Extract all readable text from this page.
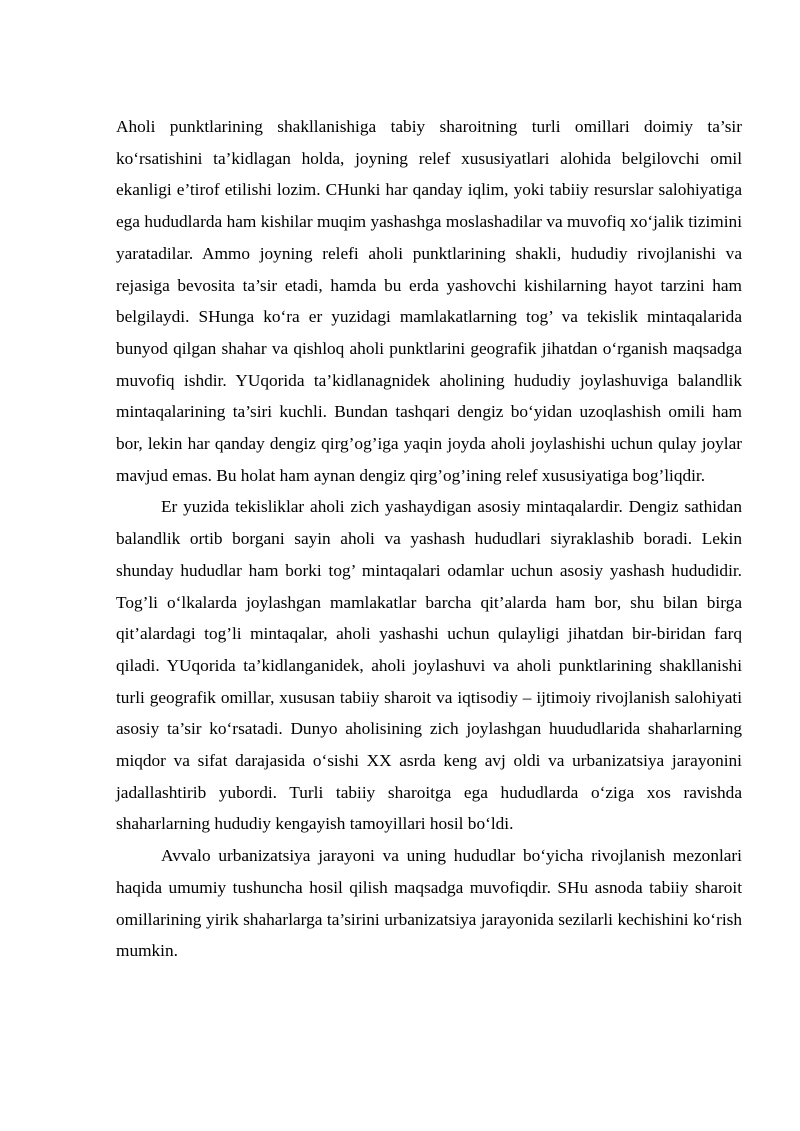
Aholi punktlarining shakllanishiga tabiy sharoitning turli omillari doimiy ta’sir ko‘rsatishini ta’kidlagan holda, joyning relef xususiyatlari alohida belgilovchi omil ekanligi e’tirof etilishi lozim. CHunki har qanday iqlim, yoki tabiiy resurslar salohiyatiga ega hududlarda ham kishilar muqim yashashga moslashadilar va muvofiq xo‘jalik tizimini yaratadilar. Ammo joyning relefi aholi punktlarining shakli, hududiy rivojlanishi va rejasiga bevosita ta’sir etadi, hamda bu erda yashovchi kishilarning hayot tarzini ham belgilaydi. SHunga ko‘ra er yuzidagi mamlakatlarning tog’ va tekislik mintaqalarida bunyod qilgan shahar va qishloq aholi punktlarini geografik jihatdan o‘rganish maqsadga muvofiq ishdir. YUqorida ta’kidlanagnidek aholining hududiy joylashuviga balandlik mintaqalarining ta’siri kuchli. Bundan tashqari dengiz bo‘yidan uzoqlashish omili ham bor, lekin har qanday dengiz qirg’og’iga yaqin joyda aholi joylashishi uchun qulay joylar mavjud emas. Bu holat ham aynan dengiz qirg’og’ining relef xususiyatiga bog’liqdir.

Er yuzida tekisliklar aholi zich yashaydigan asosiy mintaqalardir. Dengiz sathidan balandlik ortib borgani sayin aholi va yashash hududlari siyraklashib boradi. Lekin shunday hududlar ham borki tog’ mintaqalari odamlar uchun asosiy yashash hududidir. Tog’li o‘lkalarda joylashgan mamlakatlar barcha qit’alarda ham bor, shu bilan birga qit’alardagi tog’li mintaqalar, aholi yashashi uchun qulayligi jihatdan bir-biridan farq qiladi. YUqorida ta’kidlanganidek, aholi joylashuvi va aholi punktlarining shakllanishi turli geografik omillar, xususan tabiiy sharoit va iqtisodiy – ijtimoiy rivojlanish salohiyati asosiy ta’sir ko‘rsatadi. Dunyo aholisining zich joylashgan huududlarida shaharlarning miqdor va sifat darajasida o‘sishi XX asrda keng avj oldi va urbanizatsiya jarayonini jadallashtirib yubordi. Turli tabiiy sharoitga ega hududlarda o‘ziga xos ravishda shaharlarning hududiy kengayish tamoyillari hosil bo‘ldi.

Avvalo urbanizatsiya jarayoni va uning hududlar bo‘yicha rivojlanish mezonlari haqida umumiy tushuncha hosil qilish maqsadga muvofiqdir. SHu asnoda tabiiy sharoit omillarining yirik shaharlarga ta’sirini urbanizatsiya jarayonida sezilarli kechishini ko‘rish mumkin.
